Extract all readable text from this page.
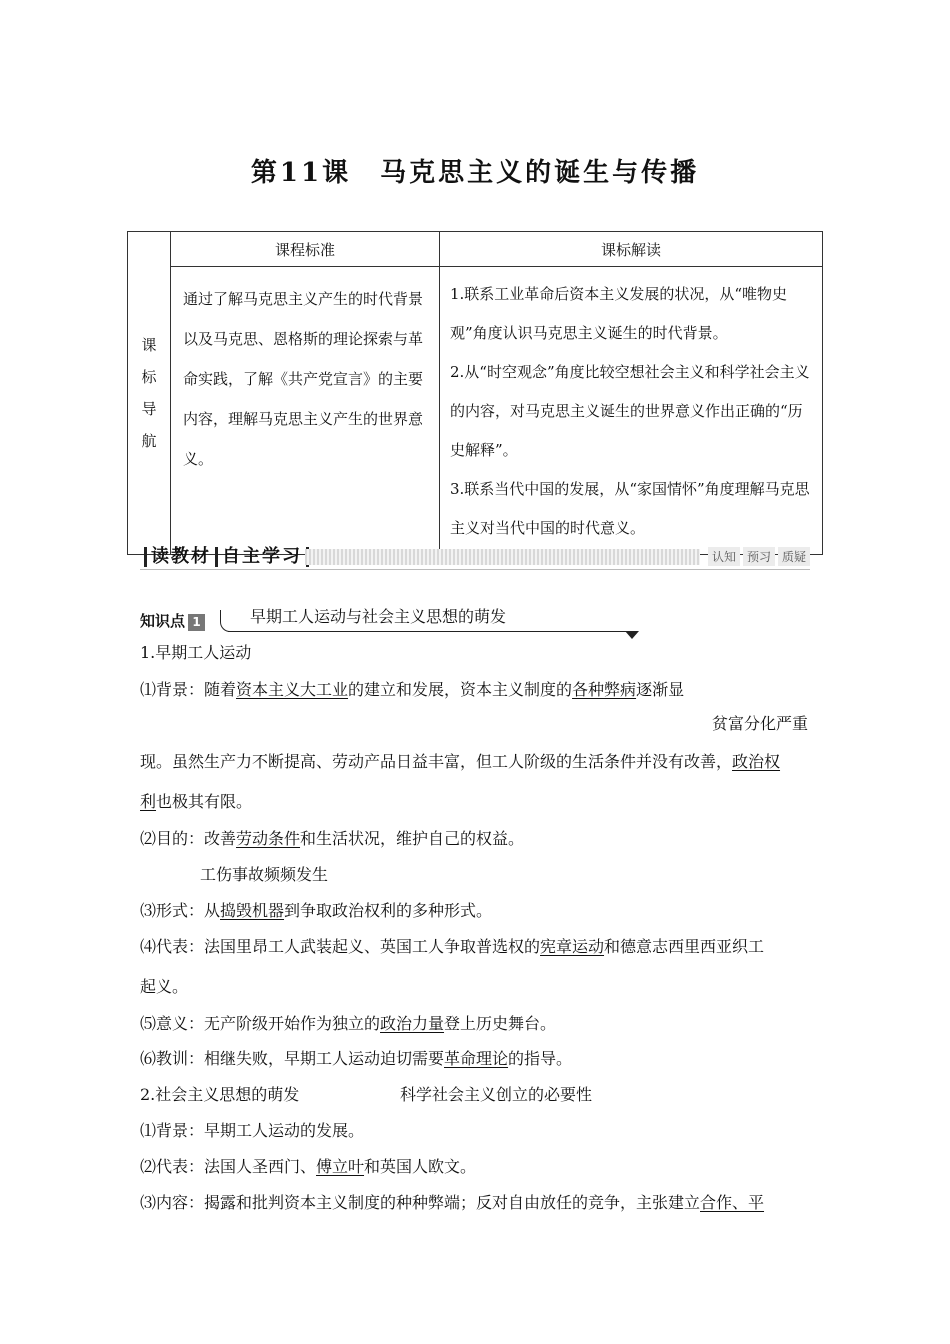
第11课　马克思主义的诞生与传播
课
标
导
航	课程标准	课标解读
	通过了解马克思主义产生的时代背景以及马克思、恩格斯的理论探索与革命实践，了解《共产党宣言》的主要内容，理解马克思主义产生的世界意义。	1.联系工业革命后资本主义发展的状况，从“唯物史观”角度认识马克思主义诞生的时代背景。
2.从“时空观念”角度比较空想社会主义和科学社会主义的内容，对马克思主义诞生的世界意义作出正确的“历史解释”。
3.联系当代中国的发展，从“家国情怀”角度理解马克思主义对当代中国的时代意义。
读教材 自主学习	认知 预习 质疑
知识点 1	早期工人运动与社会主义思想的萌发
1.早期工人运动
⑴背景：随着资本主义大工业的建立和发展，资本主义制度的各种弊病逐渐显
贫富分化严重
现。虽然生产力不断提高、劳动产品日益丰富，但工人阶级的生活条件并没有改善，政治权
利也极其有限。
⑵目的：改善劳动条件和生活状况，维护自己的权益。
工伤事故频频发生
⑶形式：从捣毁机器到争取政治权利的多种形式。
⑷代表：法国里昂工人武装起义、英国工人争取普选权的宪章运动和德意志西里西亚织工
起义。
⑸意义：无产阶级开始作为独立的政治力量登上历史舞台。
⑹教训：相继失败，早期工人运动迫切需要革命理论的指导。
2.社会主义思想的萌发	科学社会主义创立的必要性
⑴背景：早期工人运动的发展。
⑵代表：法国人圣西门、傅立叶和英国人欧文。
⑶内容：揭露和批判资本主义制度的种种弊端；反对自由放任的竞争，主张建立合作、平
